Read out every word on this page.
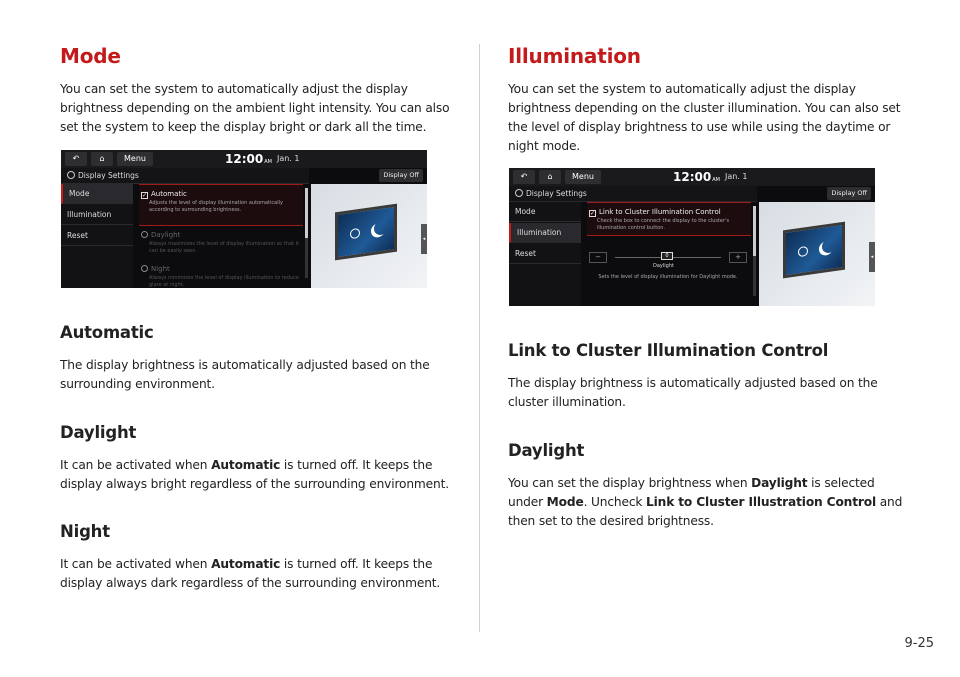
Mode

You can set the system to automatically adjust the display brightness depending on the ambient light intensity. You can also set the system to keep the display bright or dark all the time.

↶	⌂	Menu	12:00AM Jan. 1
Display Settings	Display Off
Mode
Illumination
Reset
✓ Automatic
Adjusts the level of display illumination automatically according to surrounding brightness.
Daylight
Always maximizes the level of display illumination so that it can be easily seen.
Night
Always minimizes the level of display illumination to reduce glare at night.
◂
Automatic

The display brightness is automatically adjusted based on the surrounding environment.

Daylight

It can be activated when Automatic is turned off. It keeps the display always bright regardless of the surrounding environment.

Night

It can be activated when Automatic is turned off. It keeps the display always dark regardless of the surrounding environment.

Illumination

You can set the system to automatically adjust the display brightness depending on the cluster illumination. You can also set the level of display brightness to use while using the daytime or night mode.

↶	⌂	Menu	12:00AM Jan. 1
Display Settings	Display Off
Mode
Illumination
Reset
✓ Link to Cluster Illumination Control
Check the box to connect the display to the cluster's illumination control button.
−	0
Daylight
+
Sets the level of display illumination for Daylight mode.
◂
Link to Cluster Illumination Control

The display brightness is automatically adjusted based on the cluster illumination.

Daylight

You can set the display brightness when Daylight is selected under Mode. Uncheck Link to Cluster Illustration Control and then set to the desired brightness.

9-25
